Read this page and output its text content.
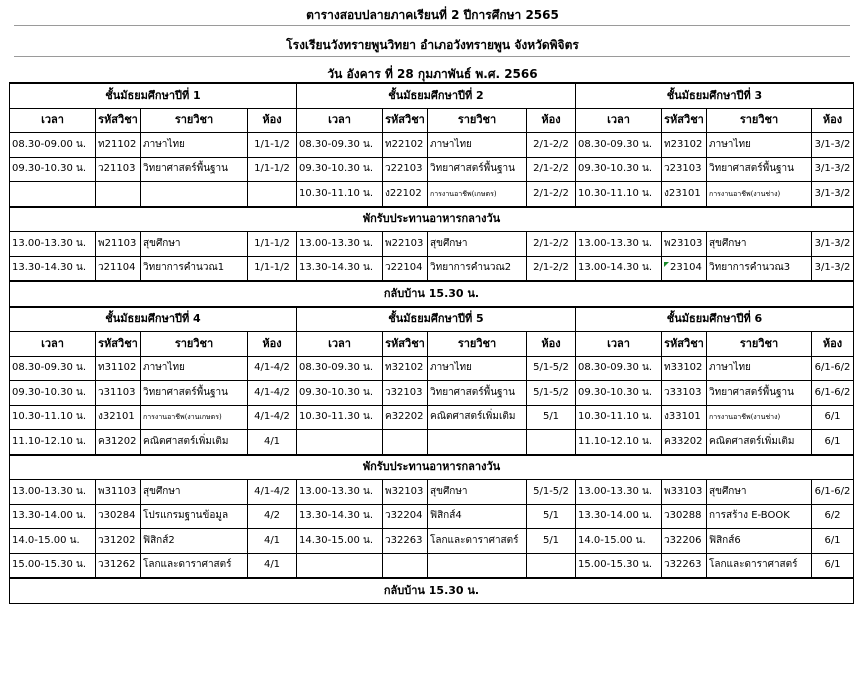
ตารางสอบปลายภาคเรียนที่ 2 ปีการศึกษา 2565
โรงเรียนวังทรายพูนวิทยา อำเภอวังทรายพูน จังหวัดพิจิตร
วัน อังคาร ที่ 28 กุมภาพันธ์ พ.ศ. 2566
ชั้นมัธยมศึกษาปีที่ 1				ชั้นมัธยมศึกษาปีที่ 2				ชั้นมัธยมศึกษาปีที่ 3			
เวลา	รหัสวิชา	รายวิชา	ห้อง	เวลา	รหัสวิชา	รายวิชา	ห้อง	เวลา	รหัสวิชา	รายวิชา	ห้อง
08.30-09.00 น.	ท21102	ภาษาไทย	1/1-1/2	08.30-09.30 น.	ท22102	ภาษาไทย	2/1-2/2	08.30-09.30 น.	ท23102	ภาษาไทย	3/1-3/2
09.30-10.30 น.	ว21103	วิทยาศาสตร์พื้นฐาน	1/1-1/2	09.30-10.30 น.	ว22103	วิทยาศาสตร์พื้นฐาน	2/1-2/2	09.30-10.30 น.	ว23103	วิทยาศาสตร์พื้นฐาน	3/1-3/2
				10.30-11.10 น.	ง22102	การงานอาชีพ(เกษตร)	2/1-2/2	10.30-11.10 น.	ง23101	การงานอาชีพ(งานช่าง)	3/1-3/2
พักรับประทานอาหารกลางวัน											
13.00-13.30 น.	พ21103	สุขศึกษา	1/1-1/2	13.00-13.30 น.	พ22103	สุขศึกษา	2/1-2/2	13.00-13.30 น.	พ23103	สุขศึกษา	3/1-3/2
13.30-14.30 น.	ว21104	วิทยาการคำนวณ1	1/1-1/2	13.30-14.30 น.	ว22104	วิทยาการคำนวณ2	2/1-2/2	13.00-14.30 น.	23104	วิทยาการคำนวณ3	3/1-3/2
กลับบ้าน 15.30 น.											
ชั้นมัธยมศึกษาปีที่ 4				ชั้นมัธยมศึกษาปีที่ 5				ชั้นมัธยมศึกษาปีที่ 6			
เวลา	รหัสวิชา	รายวิชา	ห้อง	เวลา	รหัสวิชา	รายวิชา	ห้อง	เวลา	รหัสวิชา	รายวิชา	ห้อง
08.30-09.30 น.	ท31102	ภาษาไทย	4/1-4/2	08.30-09.30 น.	ท32102	ภาษาไทย	5/1-5/2	08.30-09.30 น.	ท33102	ภาษาไทย	6/1-6/2
09.30-10.30 น.	ว31103	วิทยาศาสตร์พื้นฐาน	4/1-4/2	09.30-10.30 น.	ว32103	วิทยาศาสตร์พื้นฐาน	5/1-5/2	09.30-10.30 น.	ว33103	วิทยาศาสตร์พื้นฐาน	6/1-6/2
10.30-11.10 น.	ง32101	การงานอาชีพ(งานเกษตร)	4/1-4/2	10.30-11.30 น.	ค32202	คณิตศาสตร์เพิ่มเติม	5/1	10.30-11.10 น.	ง33101	การงานอาชีพ(งานช่าง)	6/1
11.10-12.10 น.	ค31202	คณิตศาสตร์เพิ่มเติม	4/1					11.10-12.10 น.	ค33202	คณิตศาสตร์เพิ่มเติม	6/1
พักรับประทานอาหารกลางวัน											
13.00-13.30 น.	พ31103	สุขศึกษา	4/1-4/2	13.00-13.30 น.	พ32103	สุขศึกษา	5/1-5/2	13.00-13.30 น.	พ33103	สุขศึกษา	6/1-6/2
13.30-14.00 น.	ว30284	โปรแกรมฐานข้อมูล	4/2	13.30-14.30 น.	ว32204	ฟิสิกส์4	5/1	13.30-14.00 น.	ว30288	การสร้าง E-BOOK	6/2
14.0-15.00 น.	ว31202	ฟิสิกส์2	4/1	14.30-15.00 น.	ว32263	โลกและดาราศาสตร์	5/1	14.0-15.00 น.	ว32206	ฟิสิกส์6	6/1
15.00-15.30 น.	ว31262	โลกและดาราศาสตร์	4/1					15.00-15.30 น.	ว32263	โลกและดาราศาสตร์	6/1
กลับบ้าน 15.30 น.											
